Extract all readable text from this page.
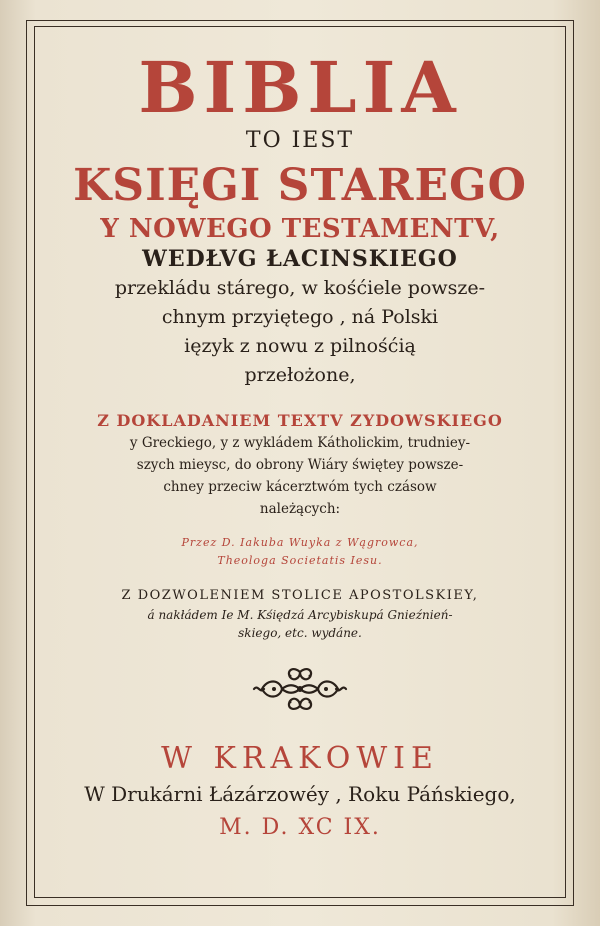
BIBLIA
TO IEST
KSIĘGI STAREGO
Y NOWEGO TESTAMENTV,
WEDŁVG ŁACINSKIEGO
przekládu stárego, w kośćiele powsze-
chnym przyiętego , ná Polski
ięzyk z nowu z pilnośćią
przełożone,
Z DOKLADANIEM TEXTV ZYDOWSKIEGO
y Greckiego, y z wykládem Kátholickim, trudniey-
szych mieysc, do obrony Wiáry świętey powsze-
chney przeciw kácerztwóm tych czásow
należących:
Przez D. Iakuba Wuyka z Wągrowca,
Theologa Societatis Iesu.
Z DOZWOLENIEM STOLICE APOSTOLSKIEY,
á nakłádem Ie M. Kśiędzá Arcybiskupá Gnieźnień-
skiego, etc. wydáne.
W KRAKOWIE
W Drukárni Łázárzowéy , Roku Páńskiego,
M. D. XC IX.
